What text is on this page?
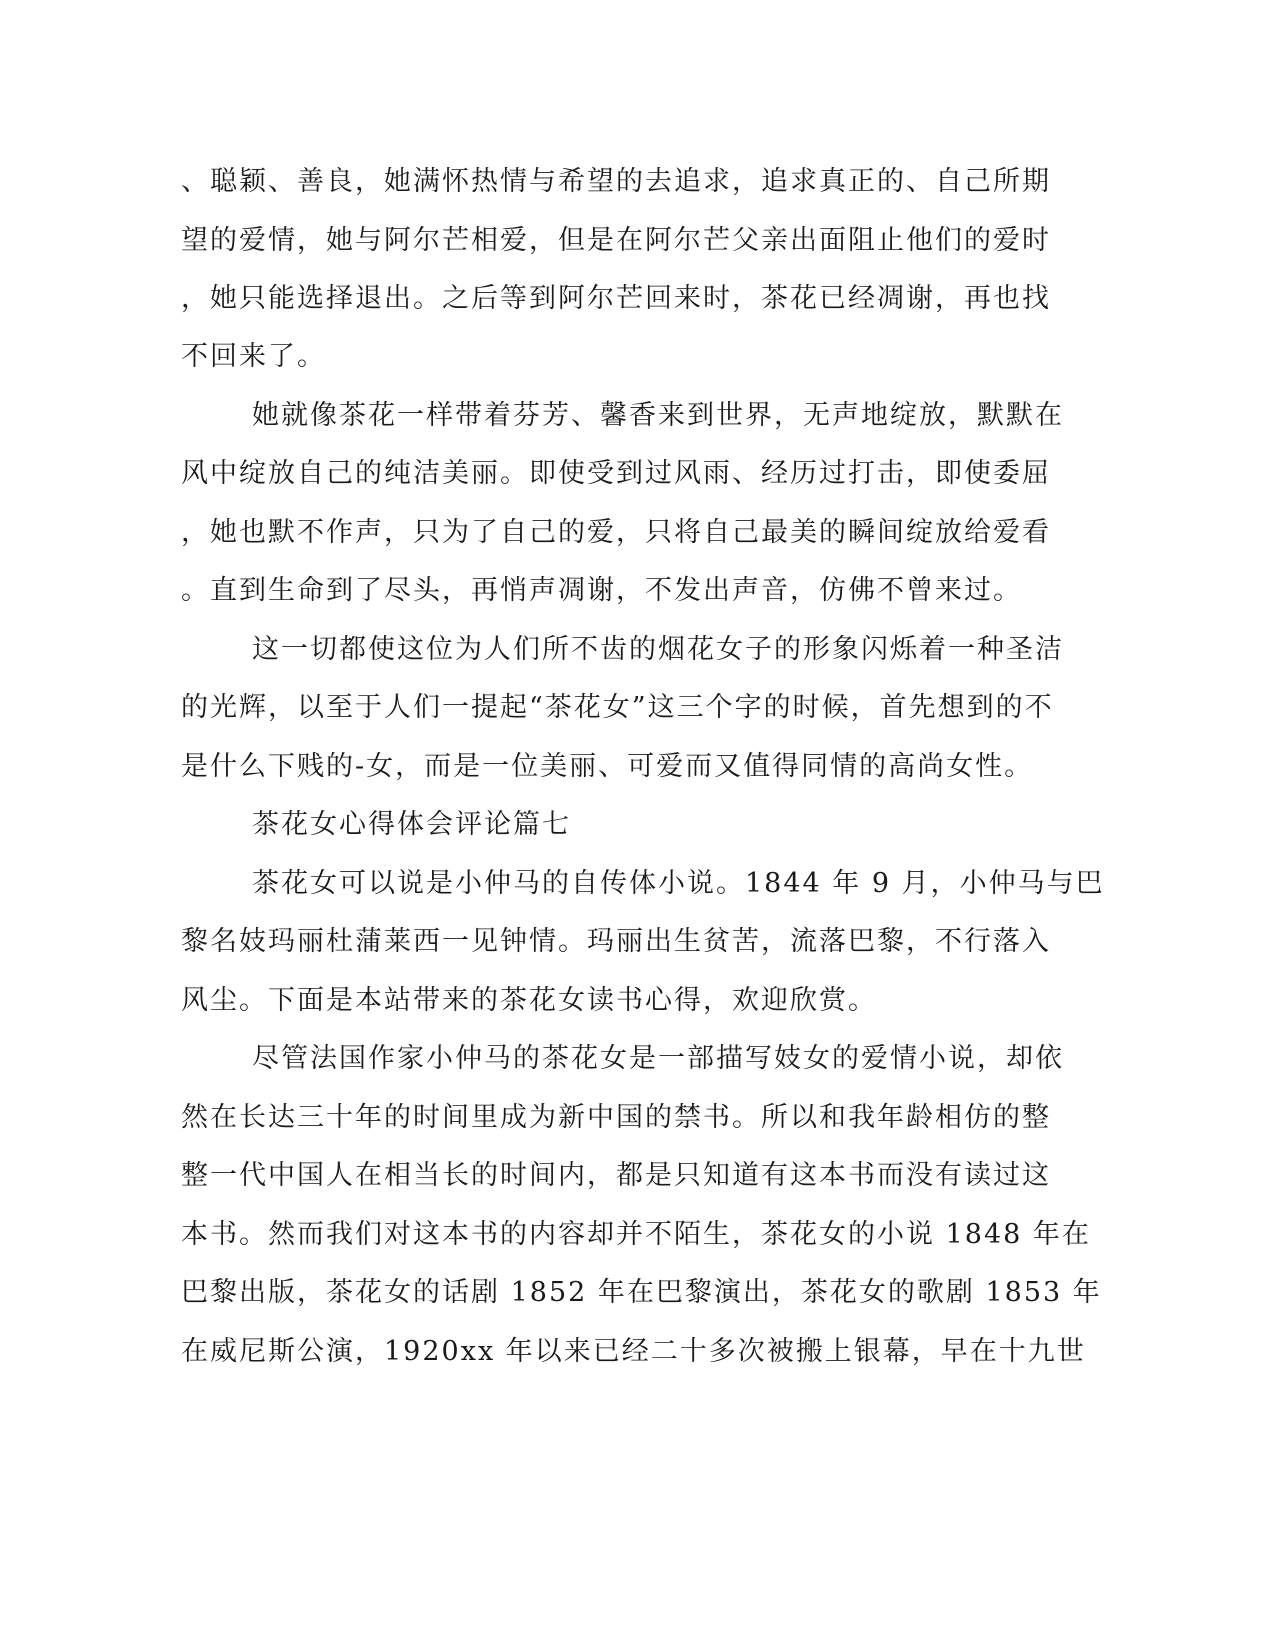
、聪颖、善良，她满怀热情与希望的去追求，追求真正的、自己所期
望的爱情，她与阿尔芒相爱，但是在阿尔芒父亲出面阻止他们的爱时
，她只能选择退出。之后等到阿尔芒回来时，茶花已经凋谢，再也找
不回来了。
她就像茶花一样带着芬芳、馨香来到世界，无声地绽放，默默在
风中绽放自己的纯洁美丽。即使受到过风雨、经历过打击，即使委屈
，她也默不作声，只为了自己的爱，只将自己最美的瞬间绽放给爱看
。直到生命到了尽头，再悄声凋谢，不发出声音，仿佛不曾来过。
这一切都使这位为人们所不齿的烟花女子的形象闪烁着一种圣洁
的光辉，以至于人们一提起“茶花女”这三个字的时候，首先想到的不
是什么下贱的-女，而是一位美丽、可爱而又值得同情的高尚女性。
茶花女心得体会评论篇七
茶花女可以说是小仲马的自传体小说。1844 年 9 月，小仲马与巴
黎名妓玛丽杜蒲莱西一见钟情。玛丽出生贫苦，流落巴黎，不行落入
风尘。下面是本站带来的茶花女读书心得，欢迎欣赏。
尽管法国作家小仲马的茶花女是一部描写妓女的爱情小说，却依
然在长达三十年的时间里成为新中国的禁书。所以和我年龄相仿的整
整一代中国人在相当长的时间内，都是只知道有这本书而没有读过这
本书。然而我们对这本书的内容却并不陌生，茶花女的小说 1848 年在
巴黎出版，茶花女的话剧 1852 年在巴黎演出，茶花女的歌剧 1853 年
在威尼斯公演，1920xx 年以来已经二十多次被搬上银幕，早在十九世
